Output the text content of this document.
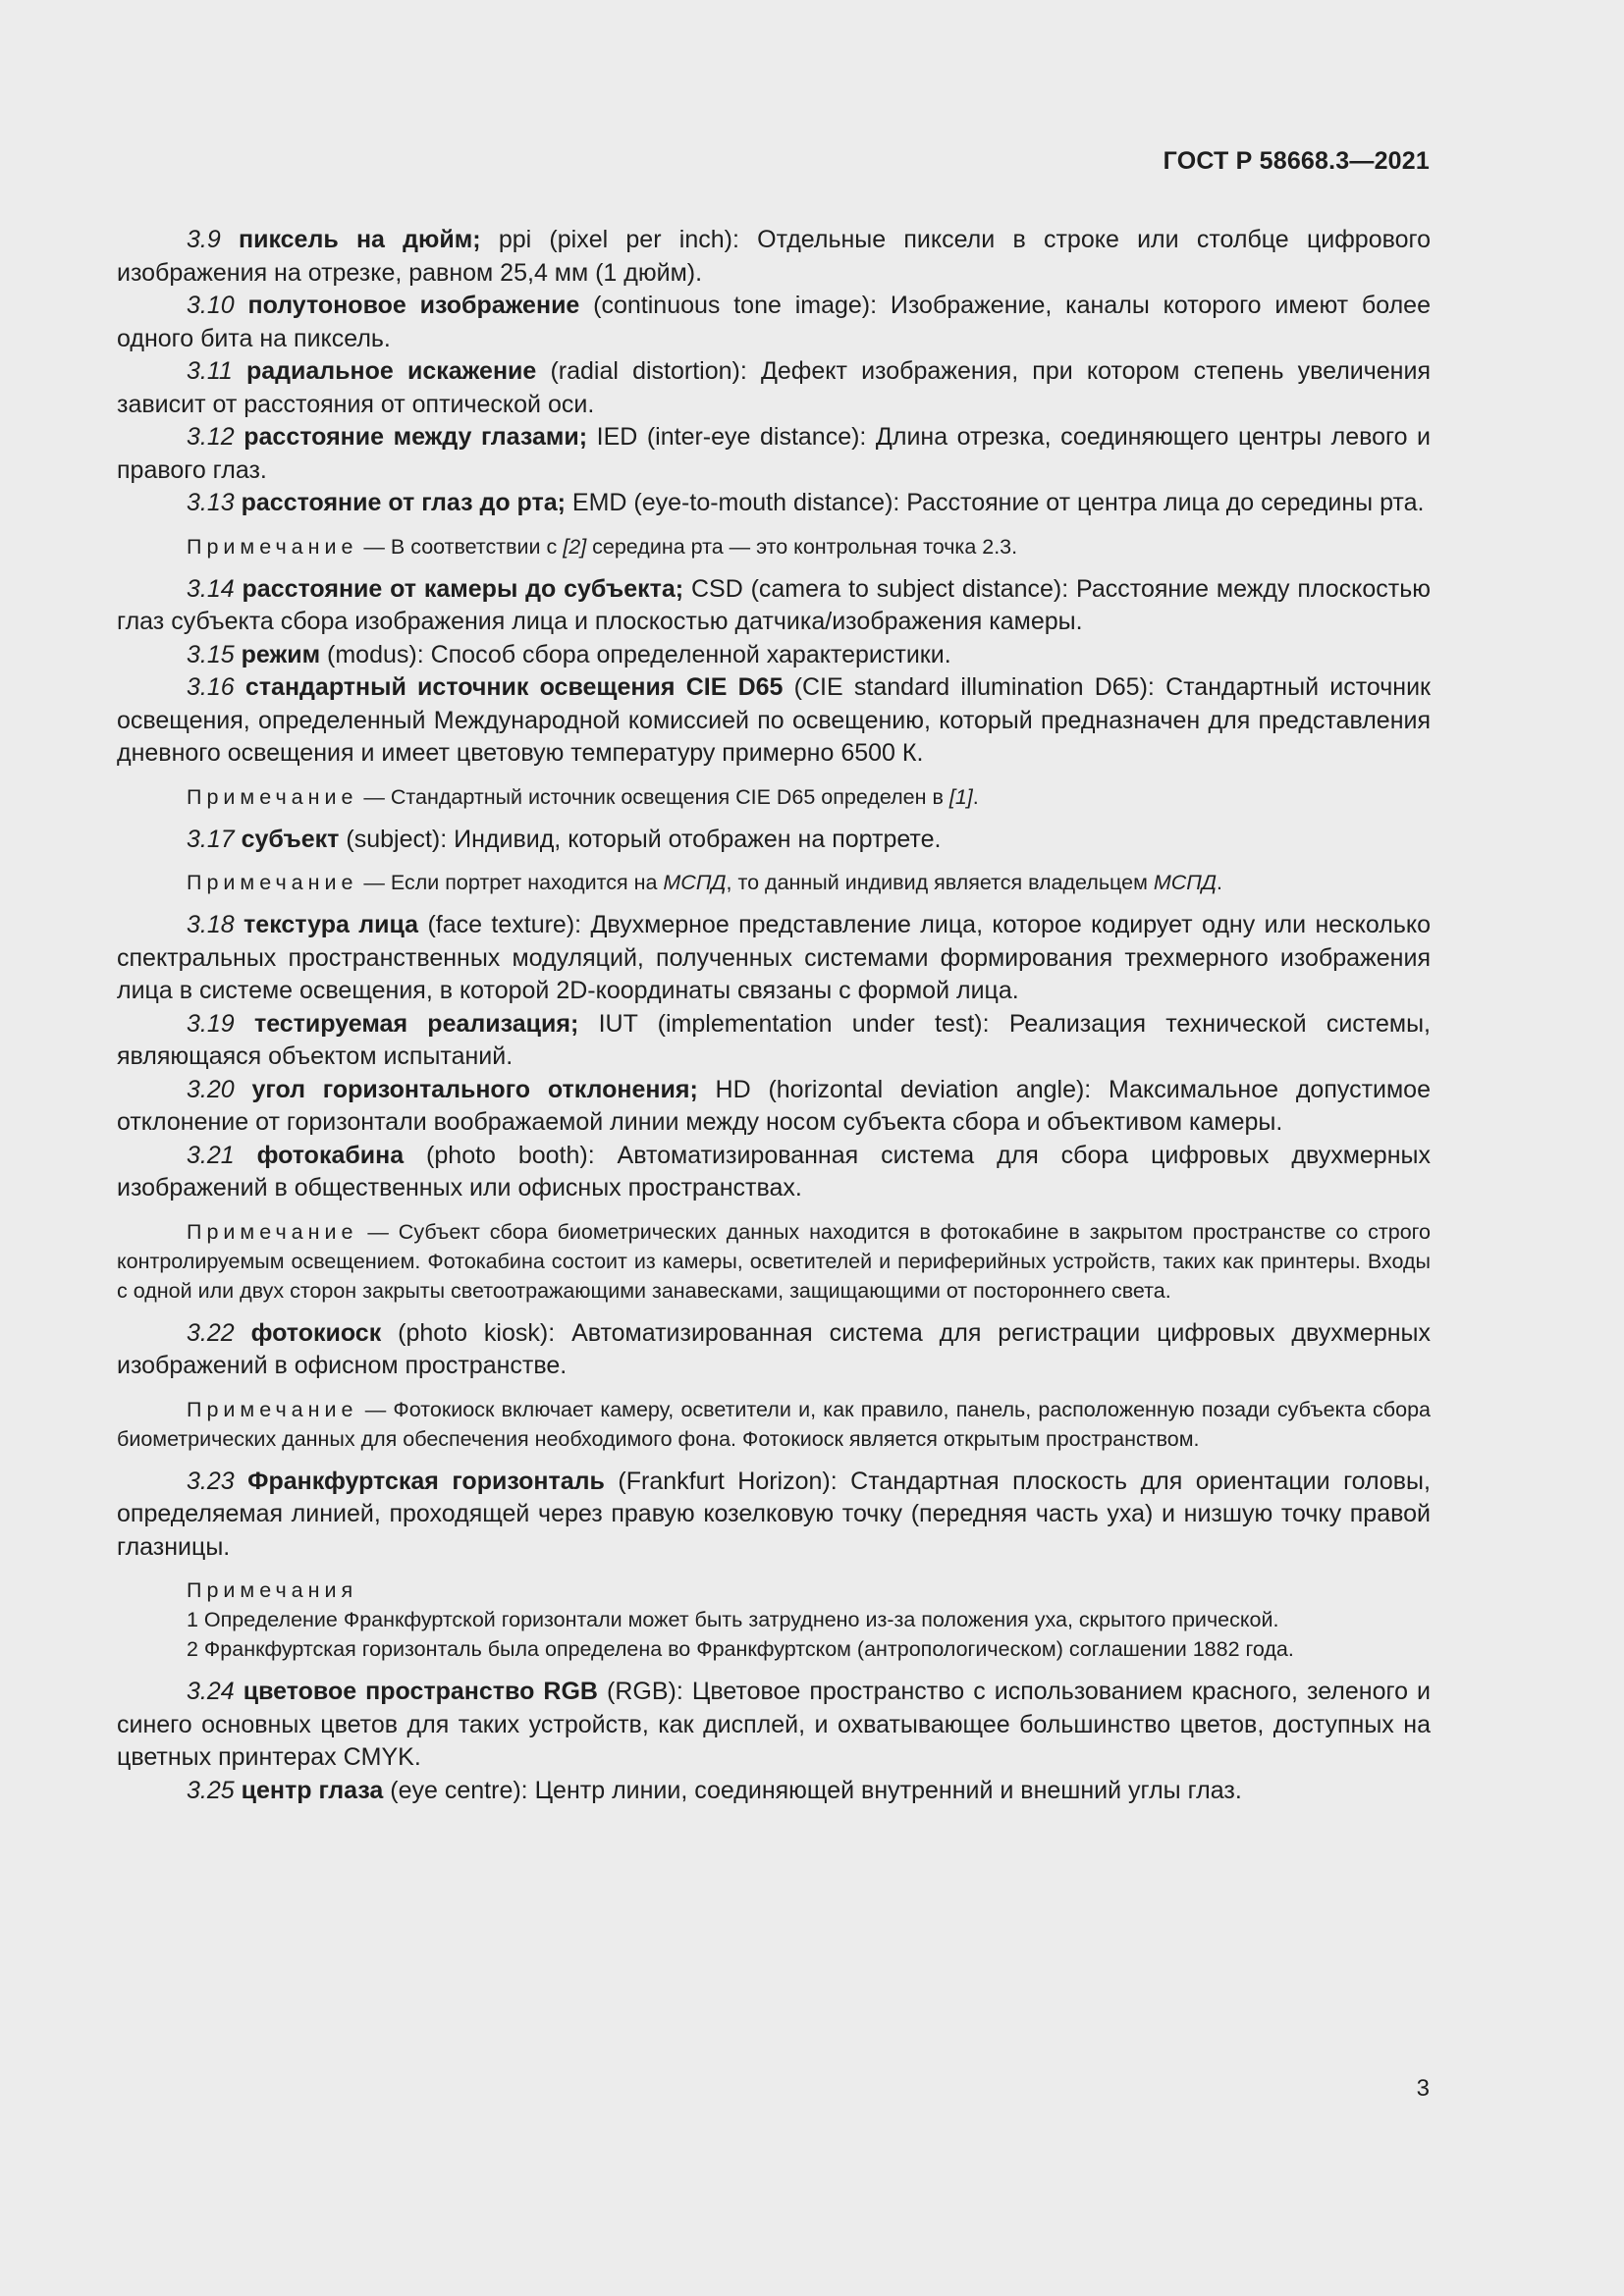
ГОСТ Р 58668.3—2021

3.9 пиксель на дюйм; ppi (pixel per inch): Отдельные пиксели в строке или столбце цифрового изображения на отрезке, равном 25,4 мм (1 дюйм).

3.10 полутоновое изображение (continuous tone image): Изображение, каналы которого имеют более одного бита на пиксель.

3.11 радиальное искажение (radial distortion): Дефект изображения, при котором степень увеличения зависит от расстояния от оптической оси.

3.12 расстояние между глазами; IED (inter-eye distance): Длина отрезка, соединяющего центры левого и правого глаз.

3.13 расстояние от глаз до рта; EMD (eye-to-mouth distance): Расстояние от центра лица до середины рта.

Примечание — В соответствии с [2] середина рта — это контрольная точка 2.3.

3.14 расстояние от камеры до субъекта; CSD (camera to subject distance): Расстояние между плоскостью глаз субъекта сбора изображения лица и плоскостью датчика/изображения камеры.

3.15 режим (modus): Способ сбора определенной характеристики.

3.16 стандартный источник освещения CIE D65 (CIE standard illumination D65): Стандартный источник освещения, определенный Международной комиссией по освещению, который предназначен для представления дневного освещения и имеет цветовую температуру примерно 6500 К.

Примечание — Стандартный источник освещения CIE D65 определен в [1].

3.17 субъект (subject): Индивид, который отображен на портрете.

Примечание — Если портрет находится на МСПД, то данный индивид является владельцем МСПД.

3.18 текстура лица (face texture): Двухмерное представление лица, которое кодирует одну или несколько спектральных пространственных модуляций, полученных системами формирования трехмерного изображения лица в системе освещения, в которой 2D-координаты связаны с формой лица.

3.19 тестируемая реализация; IUT (implementation under test): Реализация технической системы, являющаяся объектом испытаний.

3.20 угол горизонтального отклонения; HD (horizontal deviation angle): Максимальное допустимое отклонение от горизонтали воображаемой линии между носом субъекта сбора и объективом камеры.

3.21 фотокабина (photo booth): Автоматизированная система для сбора цифровых двухмерных изображений в общественных или офисных пространствах.

Примечание — Субъект сбора биометрических данных находится в фотокабине в закрытом пространстве со строго контролируемым освещением. Фотокабина состоит из камеры, осветителей и периферийных устройств, таких как принтеры. Входы с одной или двух сторон закрыты светоотражающими занавесками, защищающими от постороннего света.

3.22 фотокиоск (photo kiosk): Автоматизированная система для регистрации цифровых двухмерных изображений в офисном пространстве.

Примечание — Фотокиоск включает камеру, осветители и, как правило, панель, расположенную позади субъекта сбора биометрических данных для обеспечения необходимого фона. Фотокиоск является открытым пространством.

3.23 Франкфуртская горизонталь (Frankfurt Horizon): Стандартная плоскость для ориентации головы, определяемая линией, проходящей через правую козелковую точку (передняя часть уха) и низшую точку правой глазницы.

Примечания

1 Определение Франкфуртской горизонтали может быть затруднено из-за положения уха, скрытого прической.

2 Франкфуртская горизонталь была определена во Франкфуртском (антропологическом) соглашении 1882 года.

3.24 цветовое пространство RGB (RGB): Цветовое пространство с использованием красного, зеленого и синего основных цветов для таких устройств, как дисплей, и охватывающее большинство цветов, доступных на цветных принтерах CMYK.

3.25 центр глаза (eye centre): Центр линии, соединяющей внутренний и внешний углы глаз.

3
